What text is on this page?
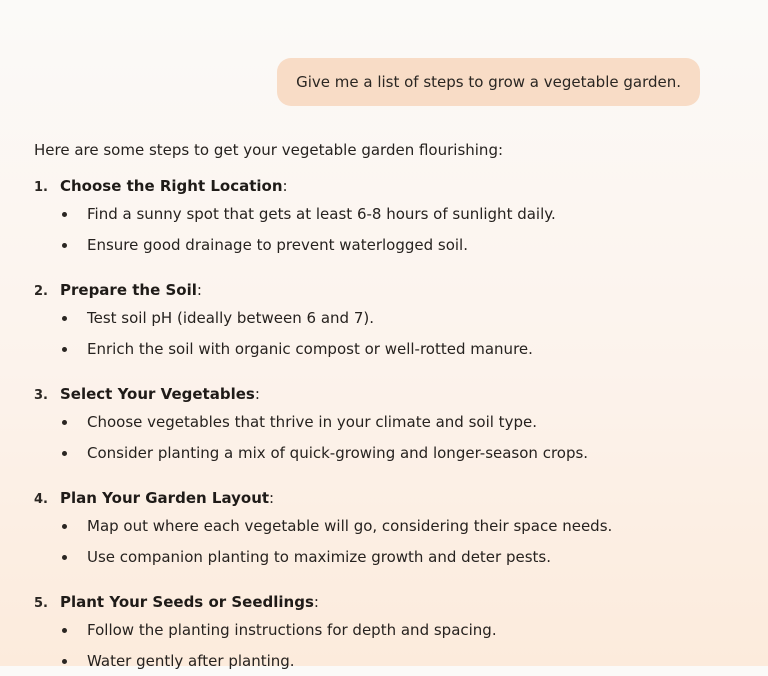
Give me a list of steps to grow a vegetable garden.

Here are some steps to get your vegetable garden flourishing:

1. Choose the Right Location:
Find a sunny spot that gets at least 6-8 hours of sunlight daily.
Ensure good drainage to prevent waterlogged soil.
2. Prepare the Soil:
Test soil pH (ideally between 6 and 7).
Enrich the soil with organic compost or well-rotted manure.
3. Select Your Vegetables:
Choose vegetables that thrive in your climate and soil type.
Consider planting a mix of quick-growing and longer-season crops.
4. Plan Your Garden Layout:
Map out where each vegetable will go, considering their space needs.
Use companion planting to maximize growth and deter pests.
5. Plant Your Seeds or Seedlings:
Follow the planting instructions for depth and spacing.
Water gently after planting.
